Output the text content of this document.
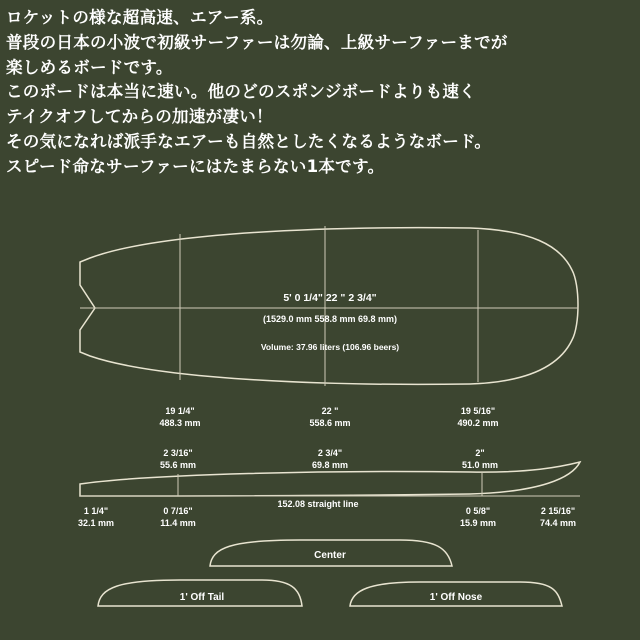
ロケットの様な超高速、エアー系。
普段の日本の小波で初級サーファーは勿論、上級サーファーまでが
楽しめるボードです。
このボードは本当に速い。他のどのスポンジボードよりも速く
テイクオフしてからの加速が凄い！
その気になれば派手なエアーも自然としたくなるようなボード。
スピード命なサーファーにはたまらない1本です。
5' 0 1/4" 22 " 2 3/4"
(1529.0 mm 558.8 mm 69.8 mm)
Volume: 37.96 liters (106.96 beers)
19 1/4"
488.3 mm
22 "
558.6 mm
19 5/16"
490.2 mm
2 3/16"
55.6 mm
2 3/4"
69.8 mm
2"
51.0 mm
152.08 straight line
1 1/4"
32.1 mm
0 7/16"
11.4 mm
0 5/8"
15.9 mm
2 15/16"
74.4 mm
Center
1' Off Tail	1' Off Nose
